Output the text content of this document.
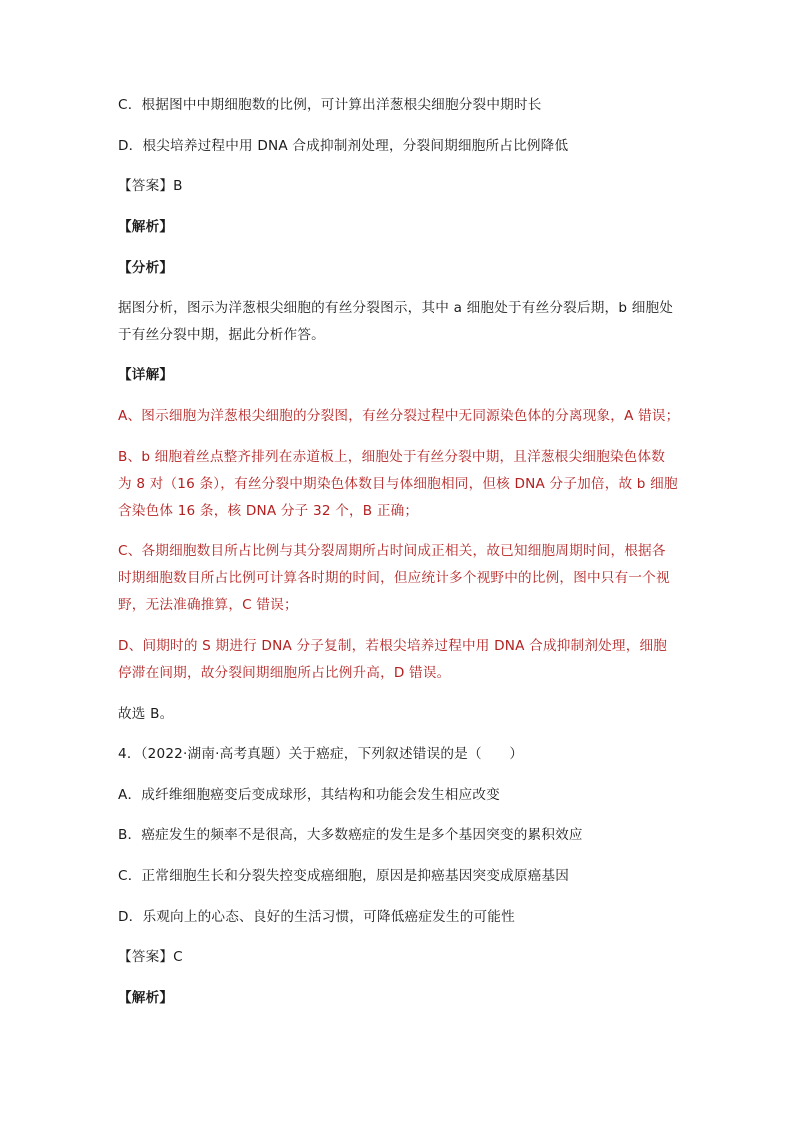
C．根据图中中期细胞数的比例，可计算出洋葱根尖细胞分裂中期时长
D．根尖培养过程中用 DNA 合成抑制剂处理，分裂间期细胞所占比例降低
【答案】B
【解析】
【分析】
据图分析，图示为洋葱根尖细胞的有丝分裂图示，其中 a 细胞处于有丝分裂后期，b 细胞处
于有丝分裂中期，据此分析作答。
【详解】
A、图示细胞为洋葱根尖细胞的分裂图，有丝分裂过程中无同源染色体的分离现象，A 错误；
B、b 细胞着丝点整齐排列在赤道板上，细胞处于有丝分裂中期，且洋葱根尖细胞染色体数
为 8 对（16 条），有丝分裂中期染色体数目与体细胞相同，但核 DNA 分子加倍，故 b 细胞
含染色体 16 条，核 DNA 分子 32 个，B 正确；
C、各期细胞数目所占比例与其分裂周期所占时间成正相关，故已知细胞周期时间，根据各
时期细胞数目所占比例可计算各时期的时间，但应统计多个视野中的比例，图中只有一个视
野，无法准确推算，C 错误；
D、间期时的 S 期进行 DNA 分子复制，若根尖培养过程中用 DNA 合成抑制剂处理，细胞
停滞在间期，故分裂间期细胞所占比例升高，D 错误。
故选 B。
4．（2022·湖南·高考真题）关于癌症，下列叙述错误的是（　　）
A．成纤维细胞癌变后变成球形，其结构和功能会发生相应改变
B．癌症发生的频率不是很高，大多数癌症的发生是多个基因突变的累积效应
C．正常细胞生长和分裂失控变成癌细胞，原因是抑癌基因突变成原癌基因
D．乐观向上的心态、良好的生活习惯，可降低癌症发生的可能性
【答案】C
【解析】
